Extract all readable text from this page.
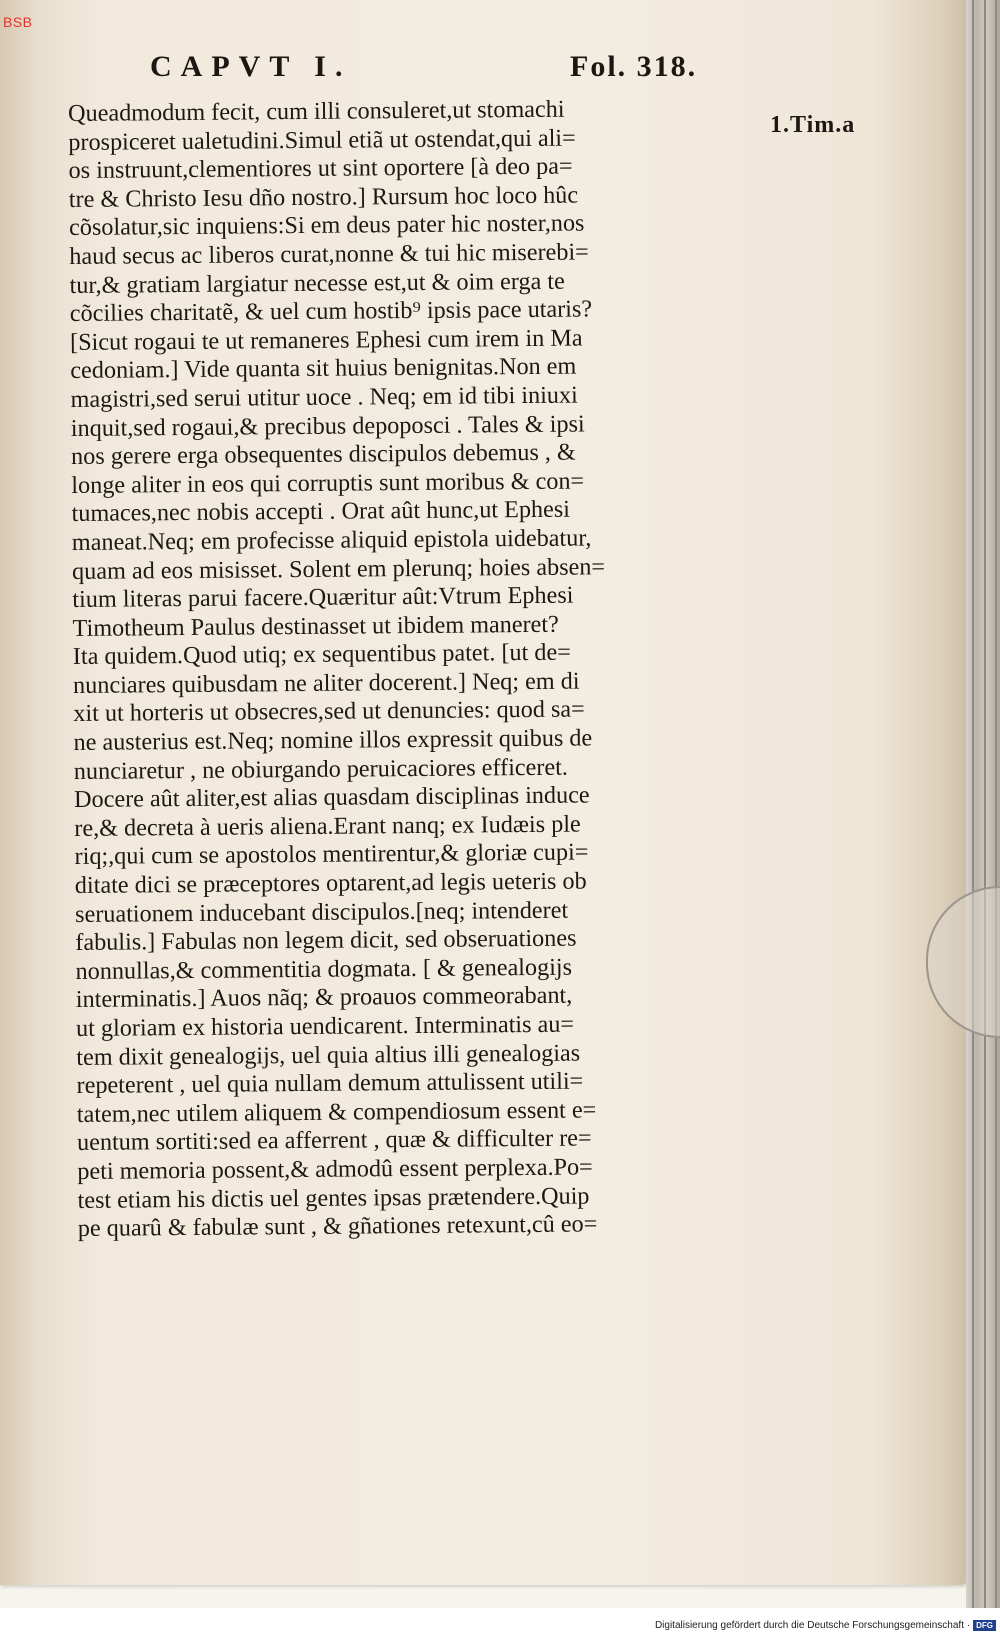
BSB
CAPVT I.	Fol. 318.
1.Tim.a
Queadmodum fecit, cum illi consuleret,ut stomachi
prospiceret ualetudini.Simul etiã ut ostendat,qui ali=
os instruunt,clementiores ut sint oportere [à deo pa=
tre & Christo Iesu dño nostro.] Rursum hoc loco hûc
cõsolatur,sic inquiens:Si em deus pater hic noster,nos
haud secus ac liberos curat,nonne & tui hic miserebi=
tur,& gratiam largiatur necesse est,ut & oim erga te
cõcilies charitatẽ, & uel cum hostib⁹ ipsis pace utaris?
[Sicut rogaui te ut remaneres Ephesi cum irem in Ma
cedoniam.] Vide quanta sit huius benignitas.Non em
magistri,sed serui utitur uoce . Neq; em id tibi iniuxi
inquit,sed rogaui,& precibus depoposci . Tales & ipsi
nos gerere erga obsequentes discipulos debemus , &
longe aliter in eos qui corruptis sunt moribus & con=
tumaces,nec nobis accepti . Orat aût hunc,ut Ephesi
maneat.Neq; em profecisse aliquid epistola uidebatur,
quam ad eos misisset. Solent em plerunq; hoies absen=
tium literas parui facere.Quæritur aût:Vtrum Ephesi
Timotheum Paulus destinasset ut ibidem maneret?
Ita quidem.Quod utiq; ex sequentibus patet. [ut de=
nunciares quibusdam ne aliter docerent.] Neq; em di
xit ut horteris ut obsecres,sed ut denuncies: quod sa=
ne austerius est.Neq; nomine illos expressit quibus de
nunciaretur , ne obiurgando peruicaciores efficeret.
Docere aût aliter,est alias quasdam disciplinas induce
re,& decreta à ueris aliena.Erant nanq; ex Iudæis ple
riq;,qui cum se apostolos mentirentur,& gloriæ cupi=
ditate dici se præceptores optarent,ad legis ueteris ob
seruationem inducebant discipulos.[neq; intenderet
fabulis.] Fabulas non legem dicit, sed obseruationes
nonnullas,& commentitia dogmata. [ & genealogijs
interminatis.] Auos nãq; & proauos commeorabant,
ut gloriam ex historia uendicarent. Interminatis au=
tem dixit genealogijs, uel quia altius illi genealogias
repeterent , uel quia nullam demum attulissent utili=
tatem,nec utilem aliquem & compendiosum essent e=
uentum sortiti:sed ea afferrent , quæ & difficulter re=
peti memoria possent,& admodû essent perplexa.Po=
test etiam his dictis uel gentes ipsas prætendere.Quip
pe quarû & fabulæ sunt , & gñationes retexunt,cû eo=
Digitalisierung gefördert durch die Deutsche Forschungsgemeinschaft · DFG
